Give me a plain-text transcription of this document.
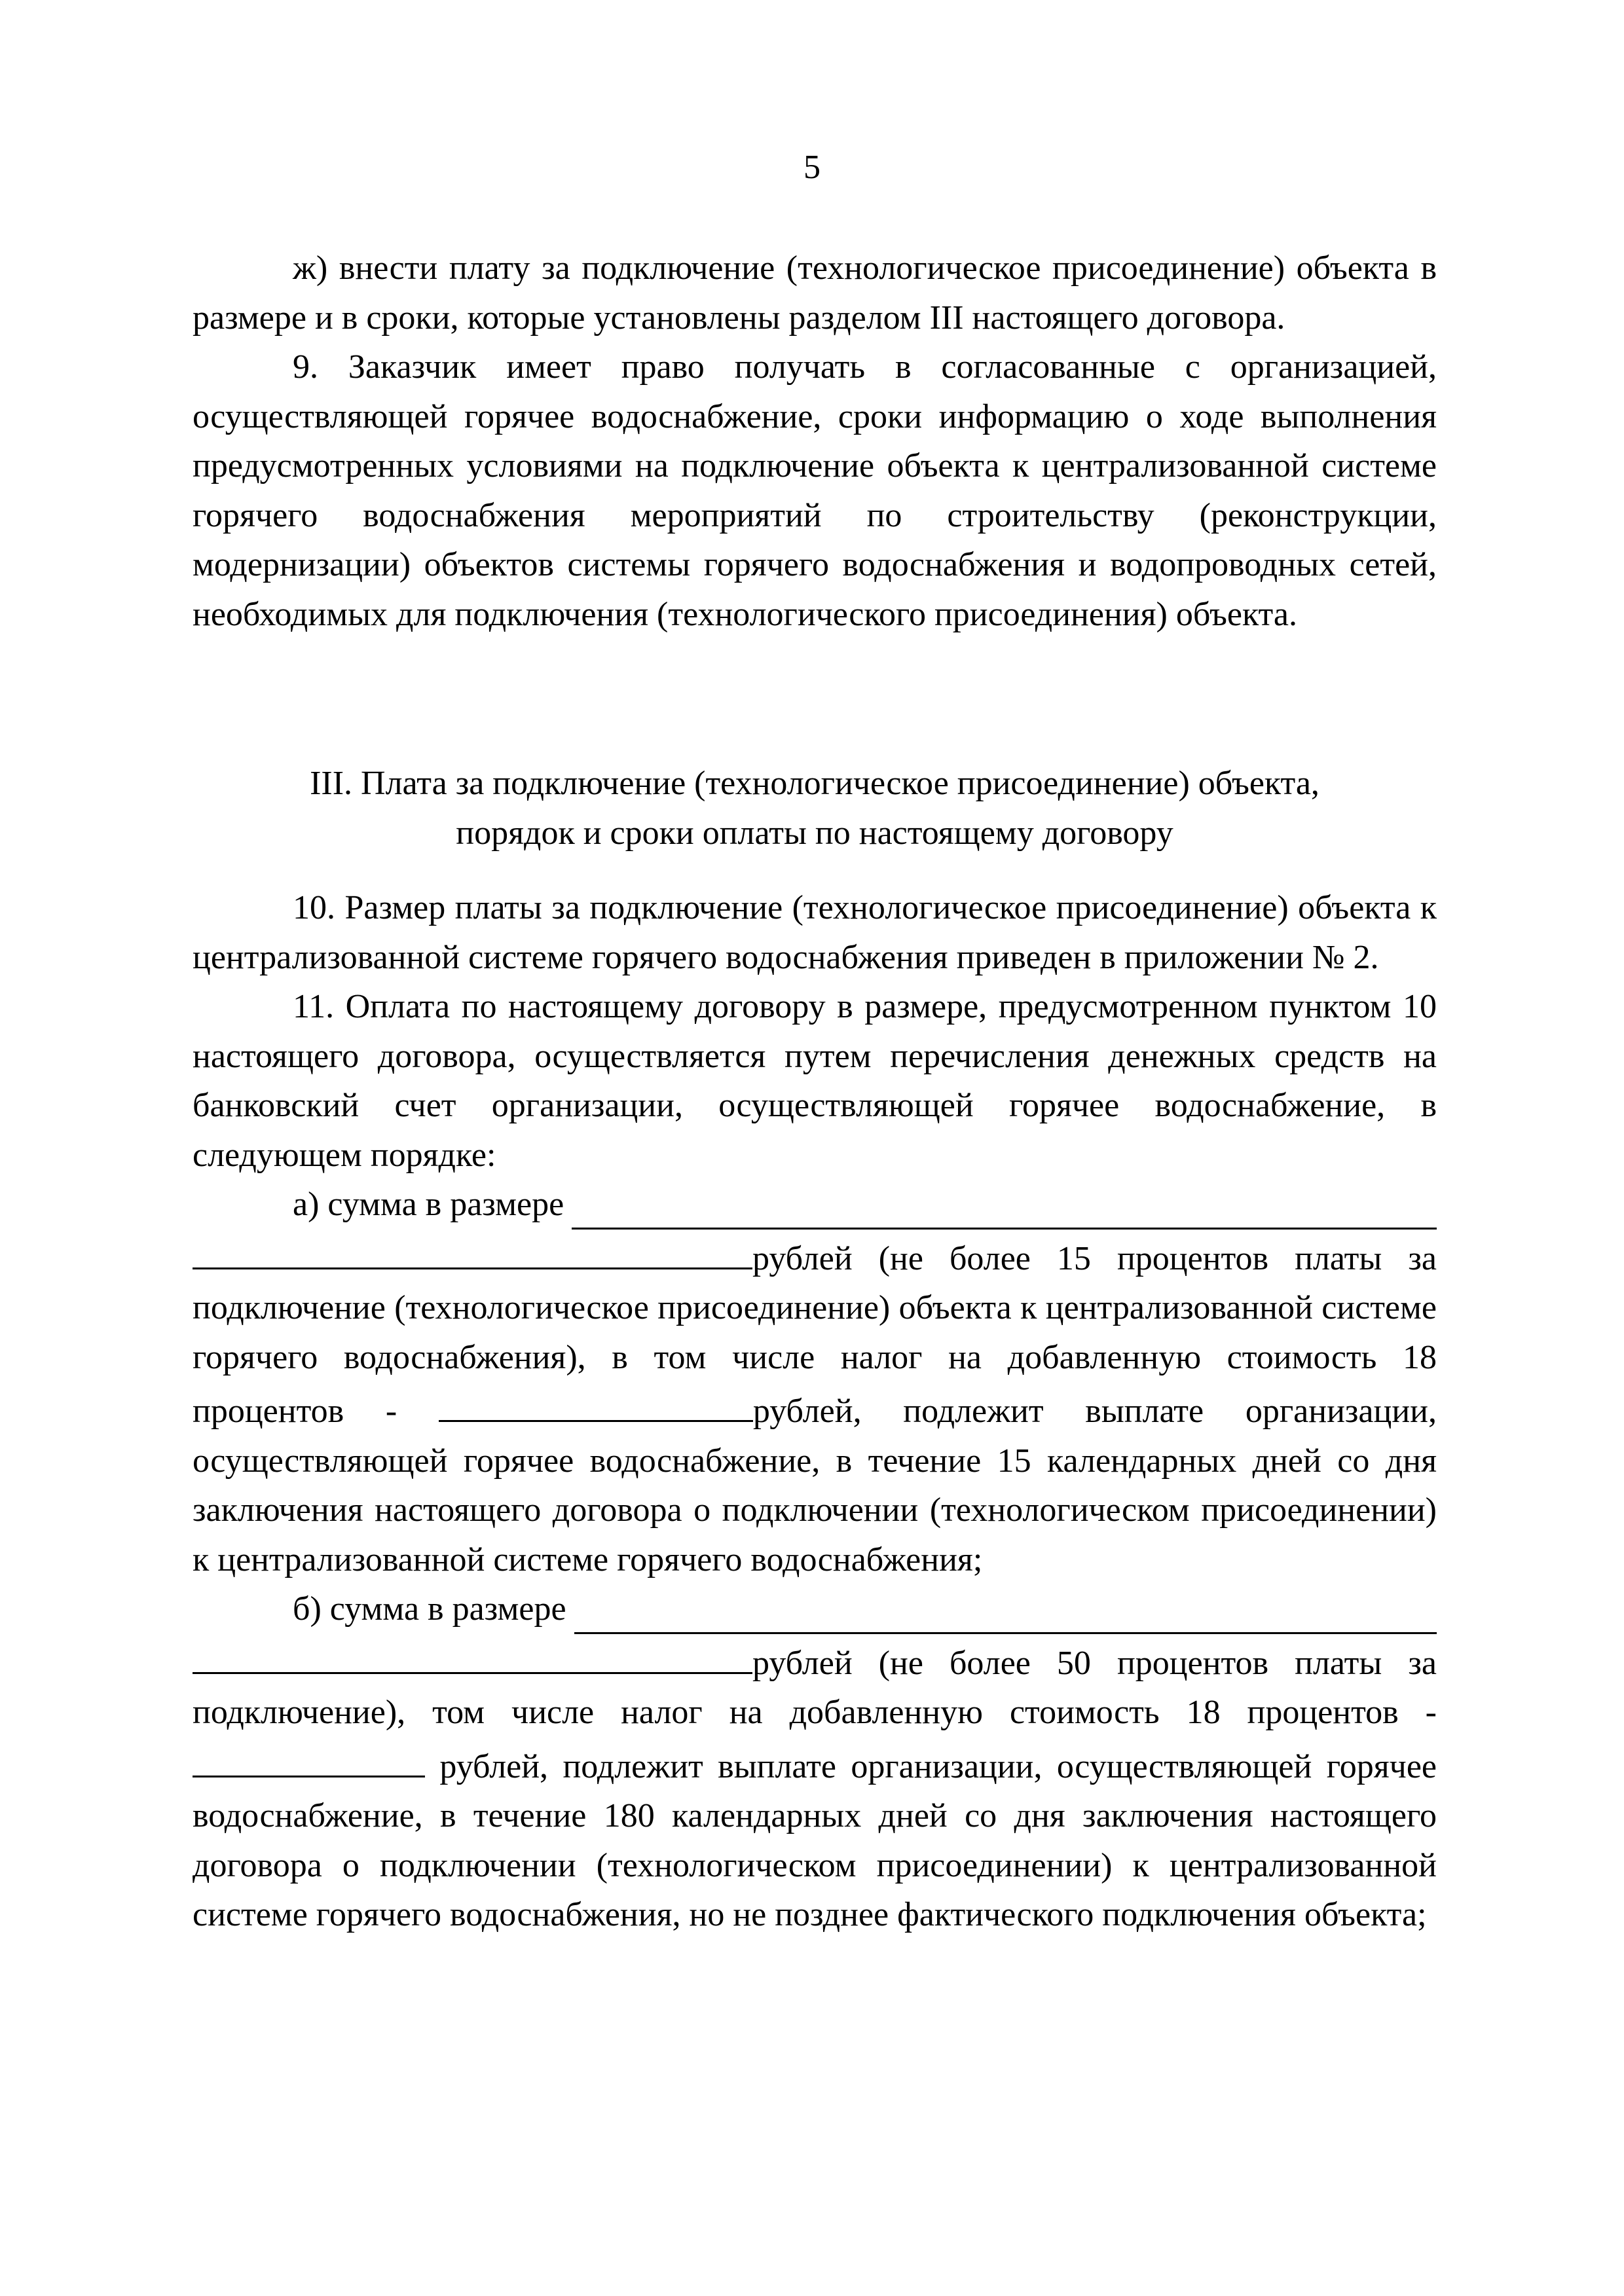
5

ж) внести плату за подключение (технологическое присоединение) объекта в размере и в сроки, которые установлены разделом III настоящего договора.

9. Заказчик имеет право получать в согласованные с организацией, осуществляющей горячее водоснабжение, сроки информацию о ходе выполнения предусмотренных условиями на подключение объекта к централизованной системе горячего водоснабжения мероприятий по строительству (реконструкции, модернизации) объектов системы горячего водоснабжения и водопроводных сетей, необходимых для подключения (технологического присоединения) объекта.

III. Плата за подключение (технологическое присоединение) объекта,

порядок и сроки оплаты по настоящему договору

10. Размер платы за подключение (технологическое присоединение) объекта к централизованной системе горячего водоснабжения приведен в приложении № 2.

11. Оплата по настоящему договору в размере, предусмотренном пунктом 10 настоящего договора, осуществляется путем перечисления денежных средств на банковский счет организации, осуществляющей горячее водоснабжение, в следующем порядке:

а) сумма в размере

рублей (не более 15 процентов платы за подключение (технологическое присоединение) объекта к централизованной системе горячего водоснабжения), в том числе налог на добавленную стоимость 18 процентов -	рублей, подлежит выплате организации, осуществляющей горячее водоснабжение, в течение 15 календарных дней со дня заключения настоящего договора о подключении (технологическом присоединении) к централизованной системе горячего водоснабжения;

б) сумма в размере

рублей (не более 50 процентов платы за подключение), том числе налог на добавленную стоимость 18 процентов -  рублей, подлежит выплате организации, осуществляющей горячее водоснабжение, в течение 180 календарных дней со дня заключения настоящего договора о подключении (технологическом присоединении) к централизованной системе горячего водоснабжения, но не позднее фактического подключения объекта;
